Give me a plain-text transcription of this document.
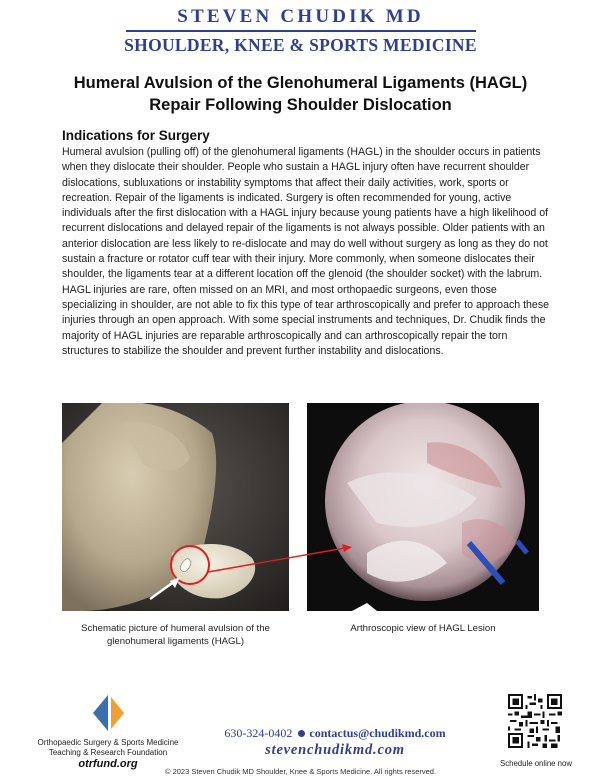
STEVEN CHUDIK MD
SHOULDER, KNEE & SPORTS MEDICINE
Humeral Avulsion of the Glenohumeral Ligaments (HAGL)
Repair Following Shoulder Dislocation
Indications for Surgery
Humeral avulsion (pulling off) of the glenohumeral ligaments (HAGL) in the shoulder occurs in patients when they dislocate their shoulder. People who sustain a HAGL injury often have recurrent shoulder dislocations, subluxations or instability symptoms that affect their daily activities, work, sports or recreation. Repair of the ligaments is indicated. Surgery is often recommended for young, active individuals after the first dislocation with a HAGL injury because young patients have a high likelihood of recurrent dislocations and delayed repair of the ligaments is not always possible. Older patients with an anterior dislocation are less likely to re-dislocate and may do well without surgery as long as they do not sustain a fracture or rotator cuff tear with their injury. More commonly, when someone dislocates their shoulder, the ligaments tear at a different location off the glenoid (the shoulder socket) with the labrum. HAGL injuries are rare, often missed on an MRI, and most orthopaedic surgeons, even those specializing in shoulder, are not able to fix this type of tear arthroscopically and prefer to approach these injuries through an open approach. With some special instruments and techniques, Dr. Chudik finds the majority of HAGL injuries are reparable arthroscopically and can arthroscopically repair the torn structures to stabilize the shoulder and prevent further instability and dislocations.
Schematic picture of humeral avulsion of the glenohumeral ligaments (HAGL)
Arthroscopic view of HAGL Lesion
Orthopaedic Surgery & Sports Medicine
Teaching & Research Foundation
otrfund.org
630-324-0402 contactus@chudikmd.com
stevenchudikmd.com
Schedule online now
© 2023 Steven Chudik MD Shoulder, Knee & Sports Medicine. All rights reserved.
